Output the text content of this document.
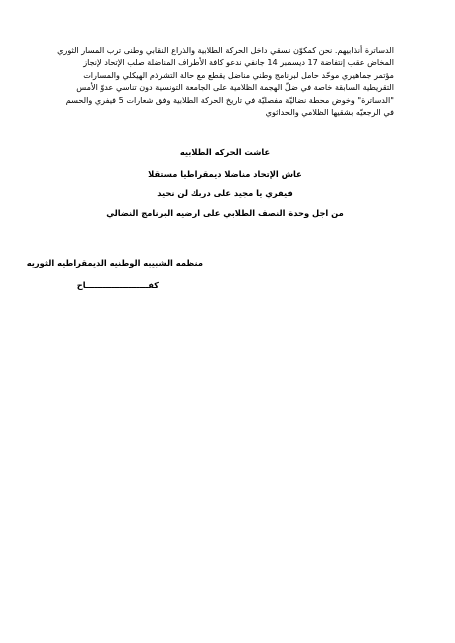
الدساترة أنذابيهم. نحن كمكوّن نسقي داخل الحركة الطلابية والذراع النقابي وطنى ترب المسار الثوري
المخاض عقب إنتفاضة 17 ديسمبر 14 جانفي ندعو كافة الأطراف المناضلة صلب الإتحاد لإنجاز
مؤتمر جماهيري موحّد حامل لبرنامج وطني مناضل يقطع مع حالة التشرذم الهيكلي والمسارات
التقريطية السابقة خاصة في ضلّ الهجمة الظلامية على الجامعة التونسية دون تناسي عدوّ الأمس
"الدساترة" وخوض محطة نضاليّة مفصليّة في تاريخ الحركة الطلابية وفق شعارات 5 فيفري والحسم
في الرجعيّه بشقيها الظلامي والحداثوي
عاشت الحركه الطلابيه
عاش الإتحاد مناضلا ديمقراطيا مستقلا
فيفري يا مجيد على دربك لن نحيد
من اجل وحدة النصف الطلابي على ارضيه البرنامج النضالي
منظمه الشبيبه الوطنيه الديمقراطيه الثوريه
كفــــــــــــــــــــــاح
